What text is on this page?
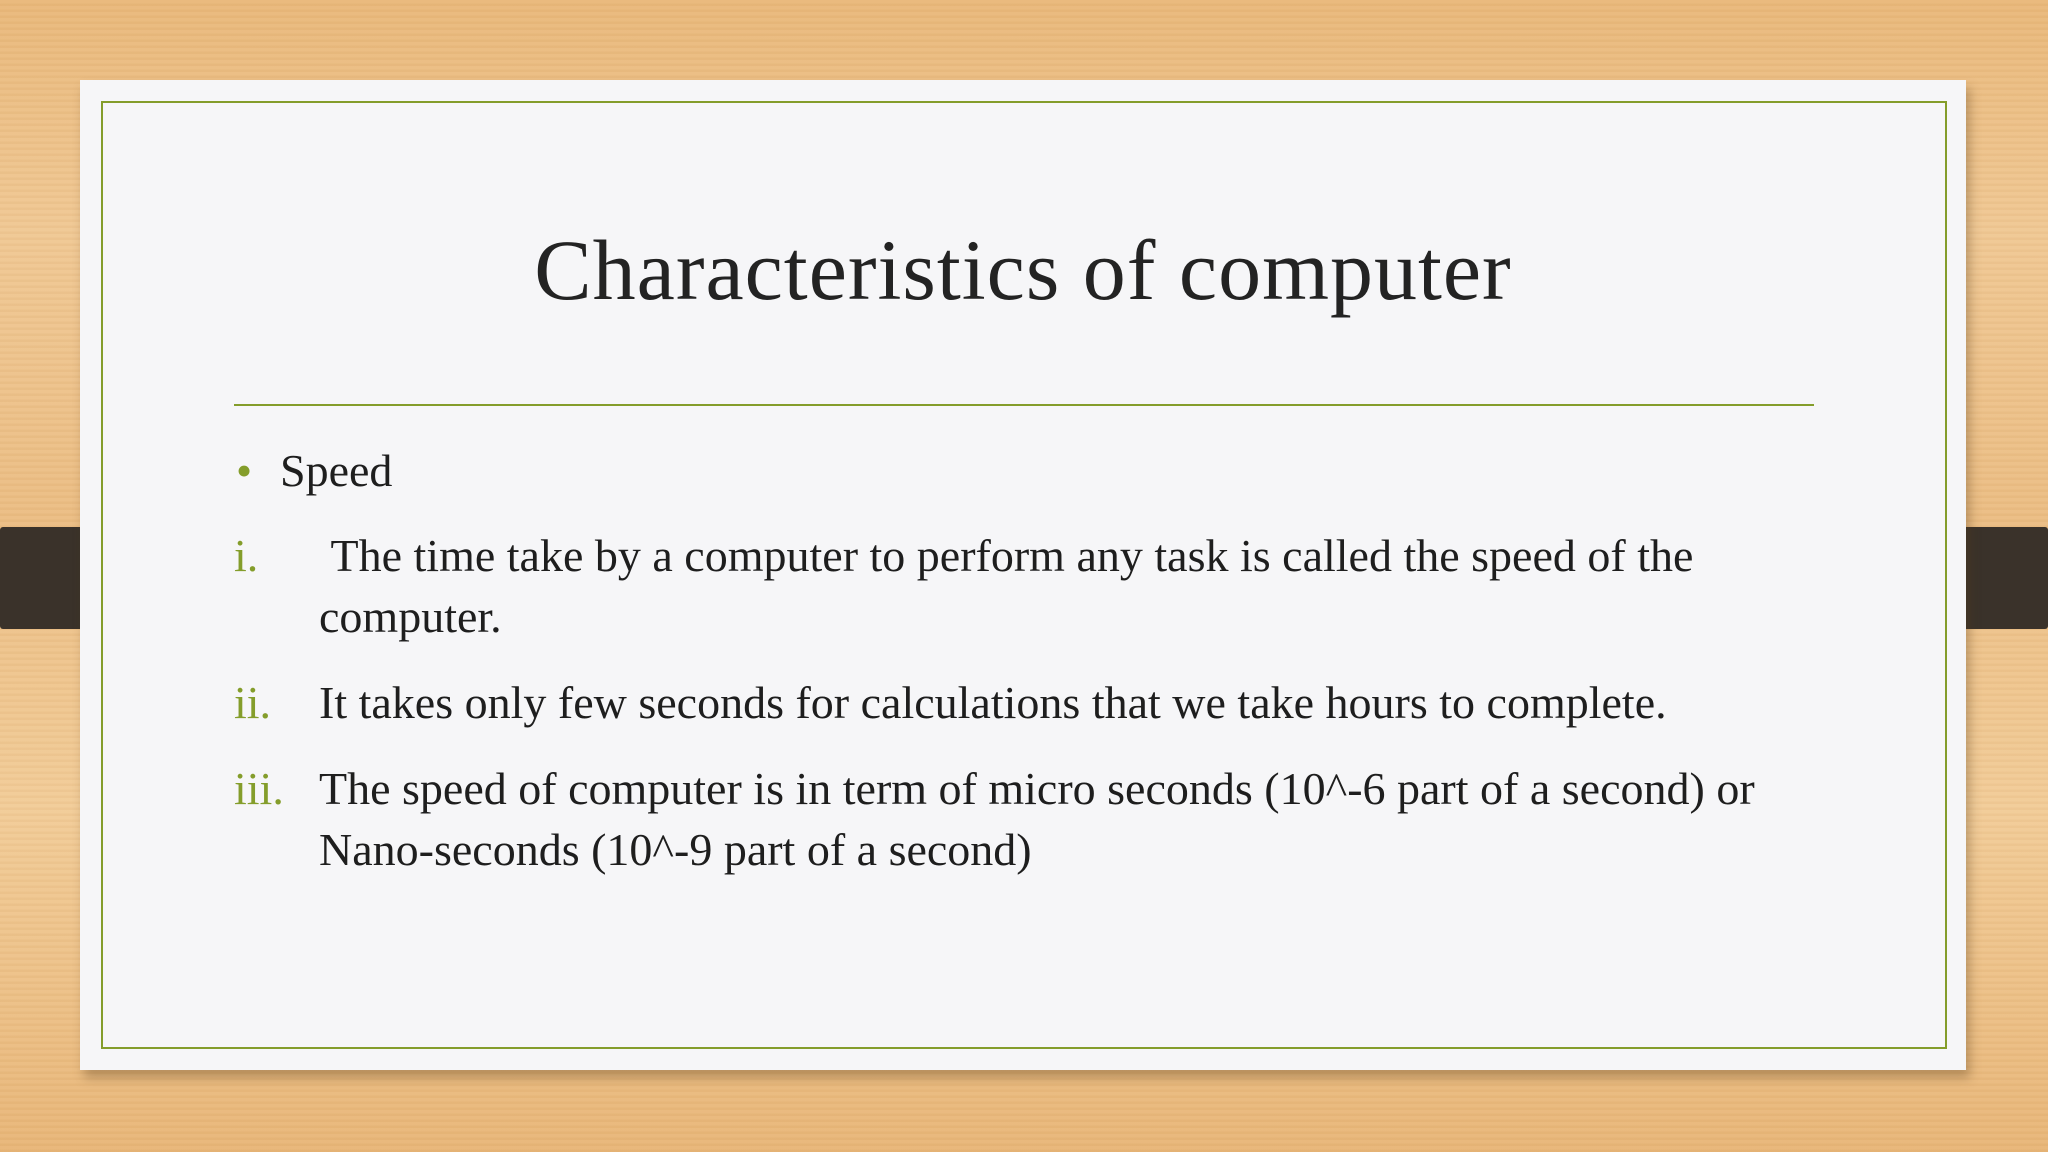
Characteristics of computer
• Speed
i. The time take by a computer to perform any task is called the speed of the computer.
ii. It takes only few seconds for calculations that we take hours to complete.
iii. The speed of computer is in term of micro seconds (10^-6 part of a second) or Nano-seconds (10^-9 part of a second)
